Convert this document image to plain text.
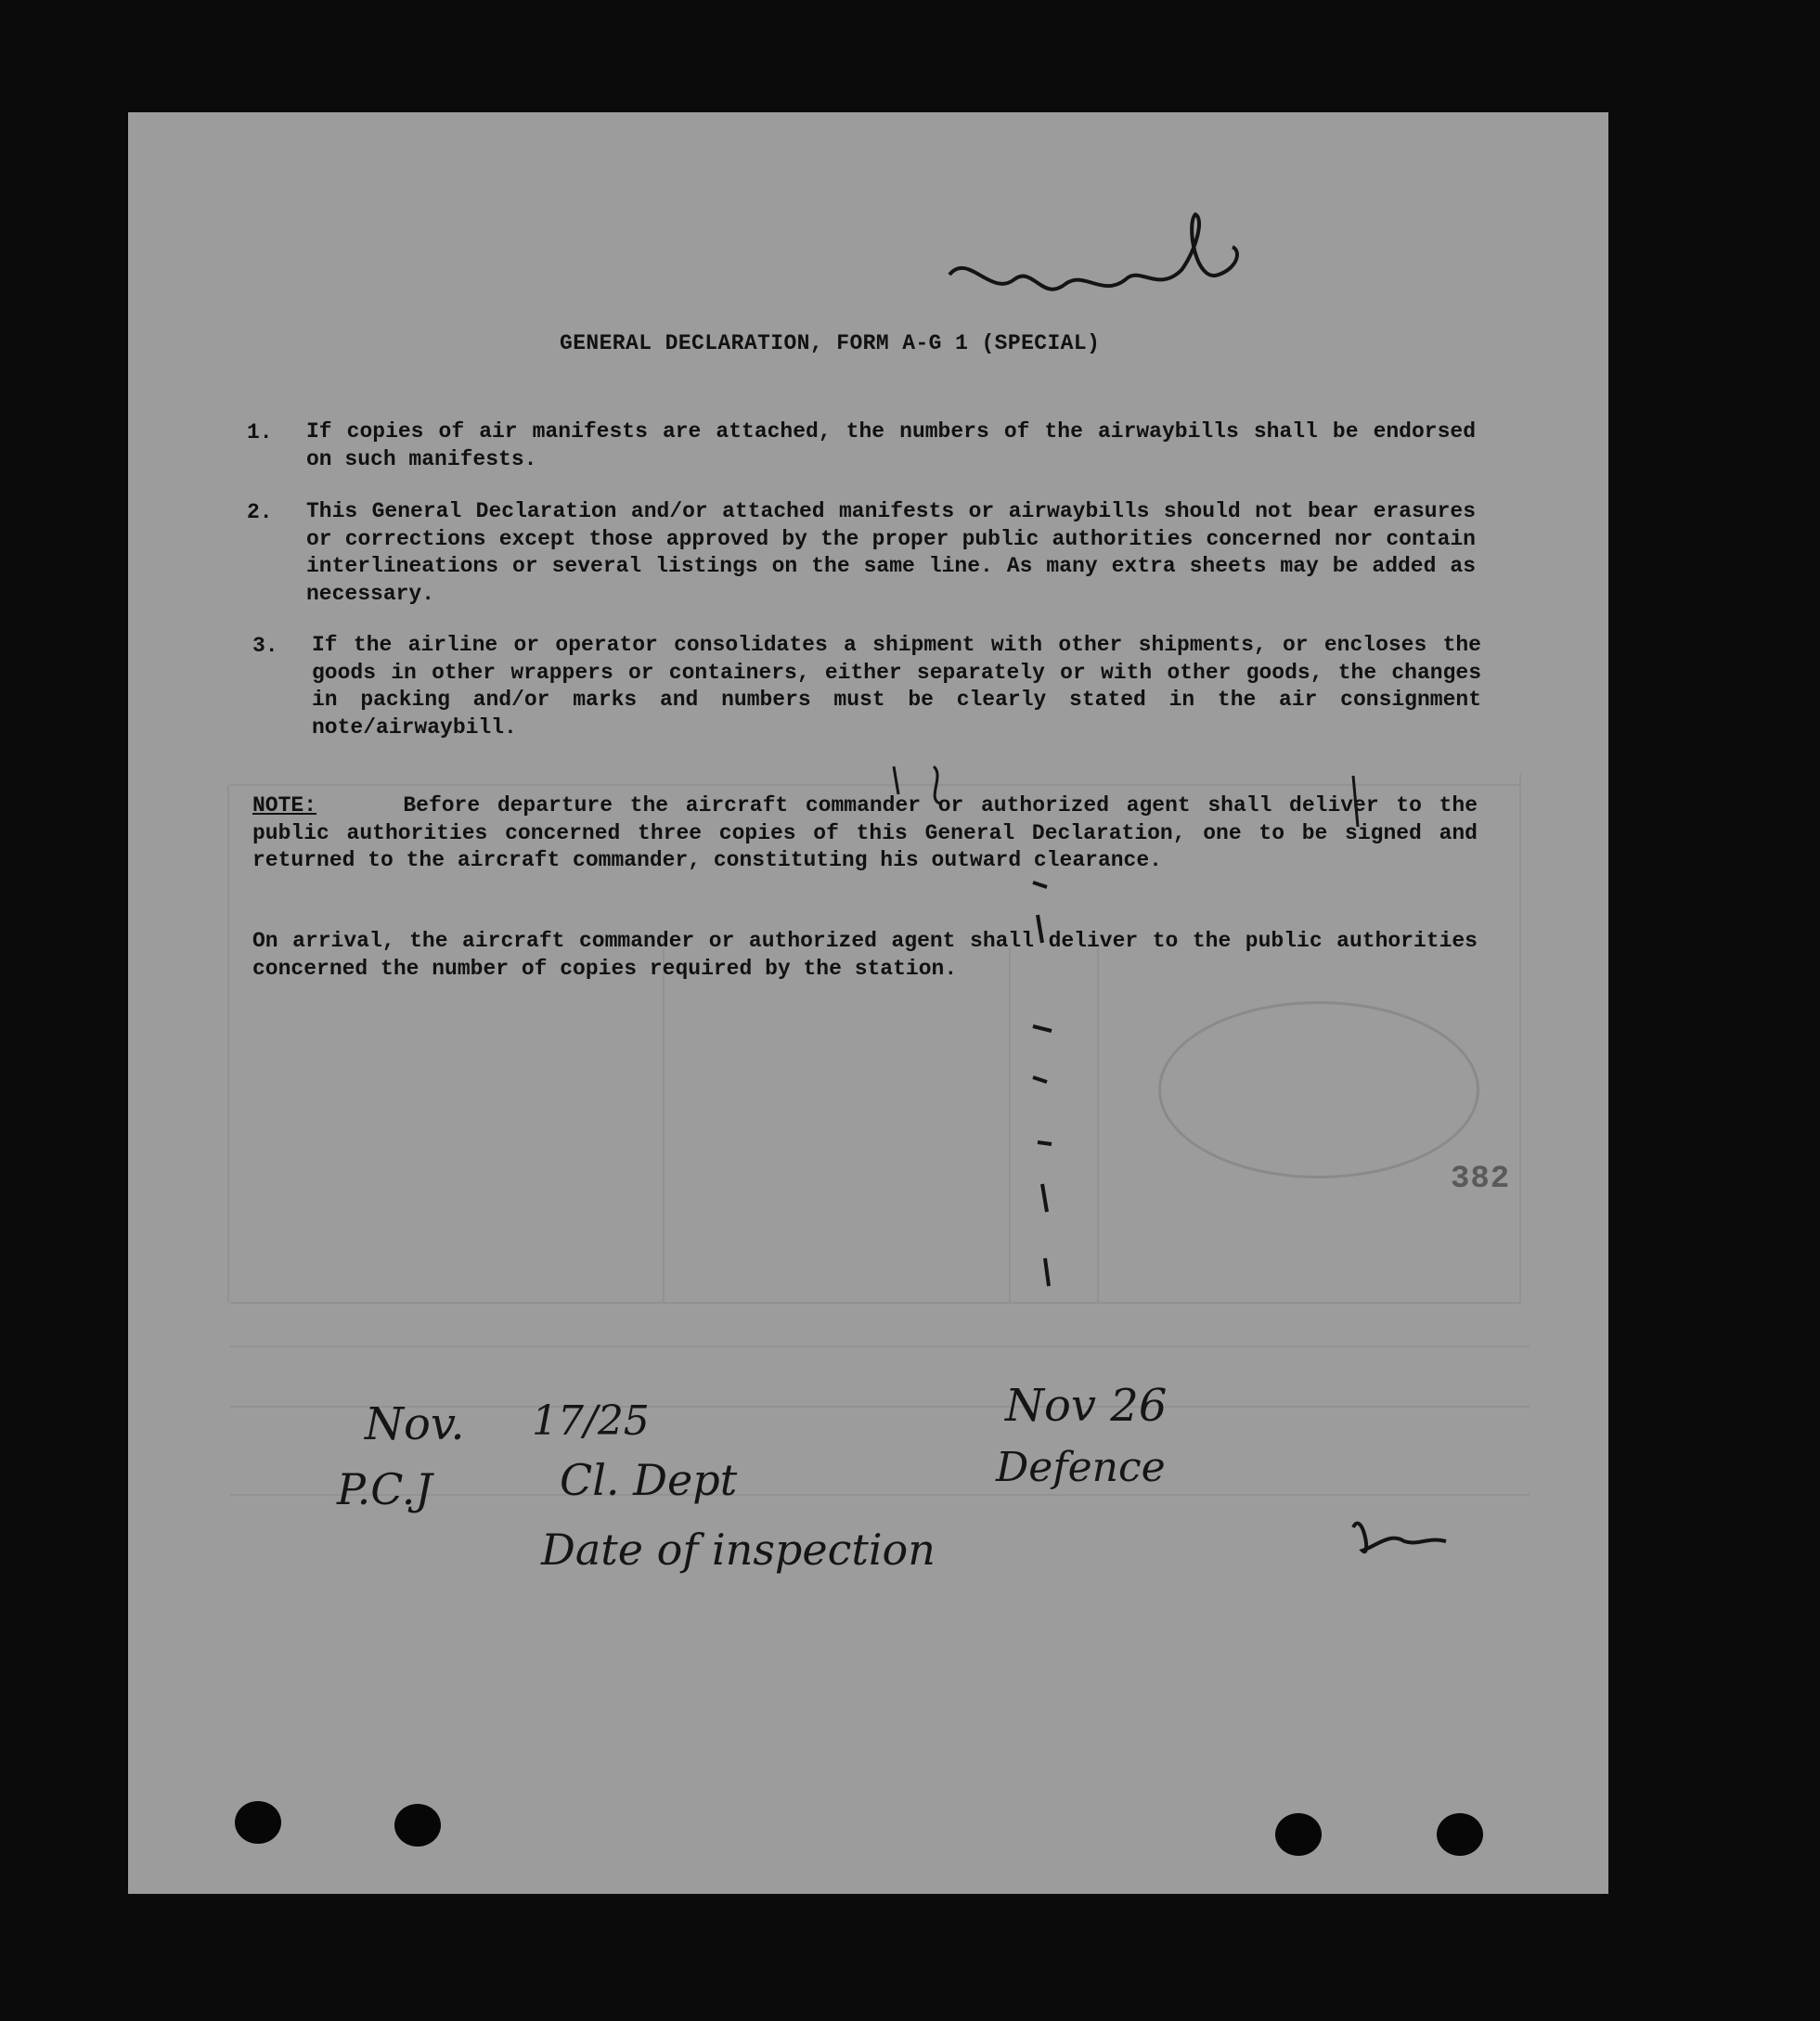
GENERAL DECLARATION, FORM A-G 1 (SPECIAL)
1. If copies of air manifests are attached, the numbers of the airwaybills shall be endorsed on such manifests.
2. This General Declaration and/or attached manifests or airwaybills should not bear erasures or corrections except those approved by the proper public authorities concerned nor contain interlineations or several listings on the same line. As many extra sheets may be added as necessary.
3. If the airline or operator consolidates a shipment with other shipments, or encloses the goods in other wrappers or containers, either separately or with other goods, the changes in packing and/or marks and numbers must be clearly stated in the air consignment note/airwaybill.
NOTE:	Before departure the aircraft commander or authorized agent shall deliver to the public authorities concerned three copies of this General Declaration, one to be signed and returned to the aircraft commander, constituting his outward clearance.
On arrival, the aircraft commander or authorized agent shall deliver to the public authorities concerned the number of copies required by the station.
382
Nov. 17/25	Nov 26
P.C.J	Cl. Dept	Defence
Date of inspection
